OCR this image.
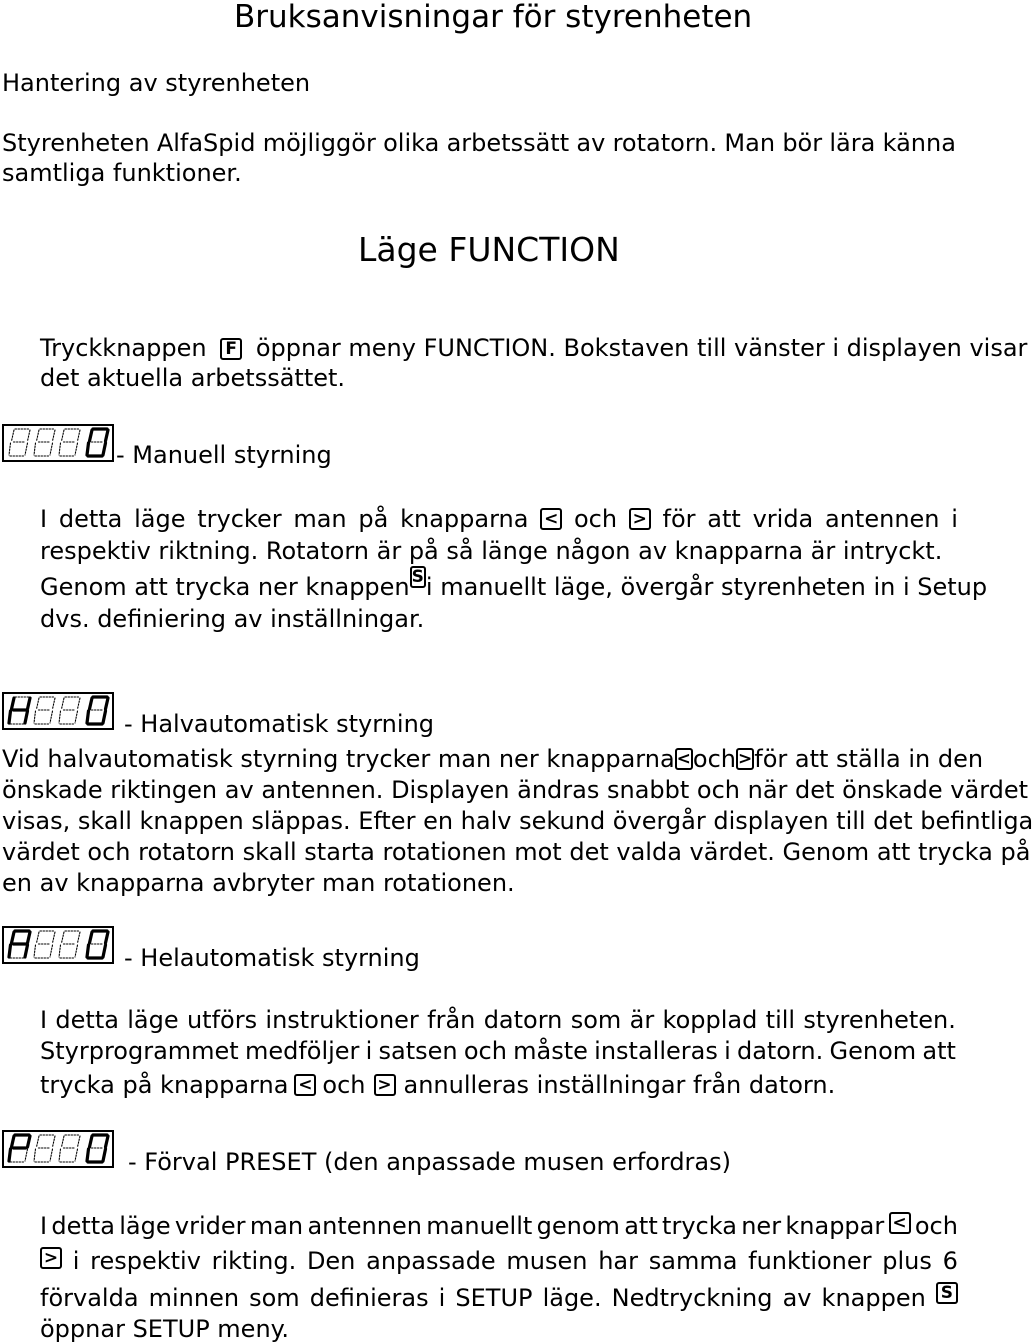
Bruksanvisningar för styrenheten
Hantering av styrenheten
Styrenheten AlfaSpid möjliggör olika arbetssätt av rotatorn. Man bör lära känna
samtliga funktioner.
Läge FUNCTION
Tryckknappen F öppnar meny FUNCTION. Bokstaven till vänster i displayen visar
det aktuella arbetssättet.
- Manuell styrning
I detta läge trycker man på knapparna < och > för att vrida antennen i
respektiv riktning. Rotatorn är på så länge någon av knapparna är intryckt.
Genom att trycka ner knappen S i manuellt läge, övergår styrenheten in i Setup
dvs. definiering av inställningar.
- Halvautomatisk styrning
Vid halvautomatisk styrning trycker man ner knapparna < och > för att ställa in den
önskade riktingen av antennen. Displayen ändras snabbt och när det önskade värdet
visas, skall knappen släppas. Efter en halv sekund övergår displayen till det befintliga
värdet och rotatorn skall starta rotationen mot det valda värdet. Genom att trycka på
en av knapparna avbryter man rotationen.
- Helautomatisk styrning
I detta läge utförs instruktioner från datorn som är kopplad till styrenheten.
Styrprogrammet medföljer i satsen och måste installeras i datorn. Genom att
trycka på knapparna < och > annulleras inställningar från datorn.
- Förval PRESET (den anpassade musen erfordras)
I detta läge vrider man antennen manuellt genom att trycka ner knappar < och
> i respektiv rikting. Den anpassade musen har samma funktioner plus 6
förvalda minnen som definieras i SETUP läge. Nedtryckning av knappen S
öppnar SETUP meny.
